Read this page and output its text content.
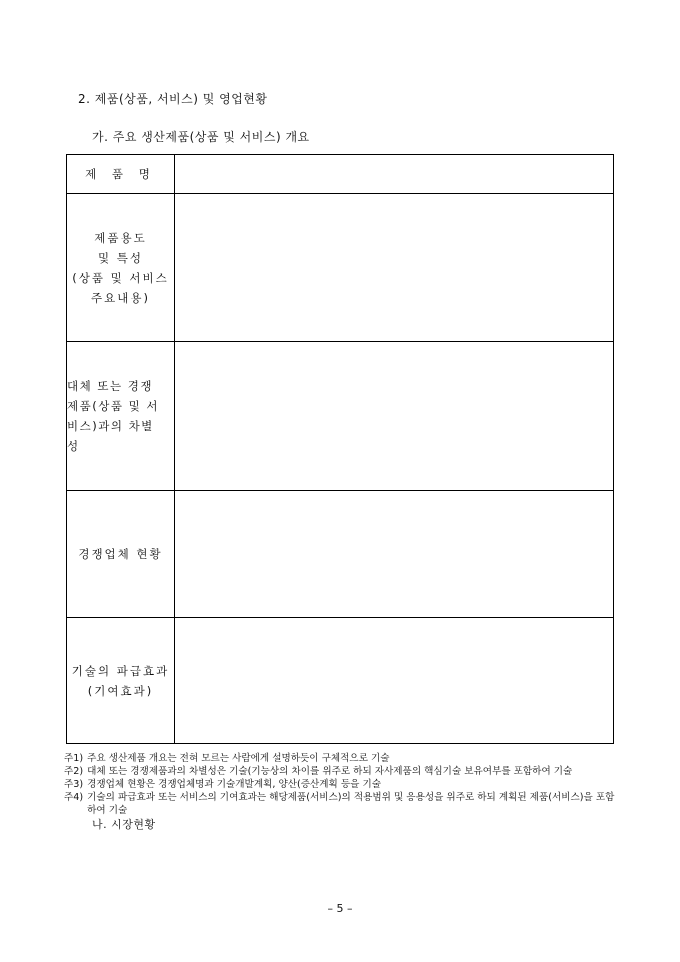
2. 제품(상품, 서비스) 및 영업현황
가. 주요 생산제품(상품 및 서비스) 개요
제 품 명	
제품용도
및 특성
(상품 및 서비스
주요내용)	
대체 또는 경쟁
제품(상품 및 서
비스)과의 차별
성	
경쟁업체 현황	
기술의 파급효과
(기여효과)	
주1) 주요 생산제품 개요는 전혀 모르는 사람에게 설명하듯이 구체적으로 기술
주2) 대체 또는 경쟁제품과의 차별성은 기술(기능상의 차이를 위주로 하되 자사제품의 핵심기술 보유여부를 포함하여 기술
주3) 경쟁업체 현황은 경쟁업체명과 기술개발계획, 양산(증산계획 등을 기술
주4) 기술의 파급효과 또는 서비스의 기여효과는 해당제품(서비스)의 적용범위 및 응용성을 위주로 하되 계획된 제품(서비스)을 포함하여 기술
나. 시장현황
– 5 –
